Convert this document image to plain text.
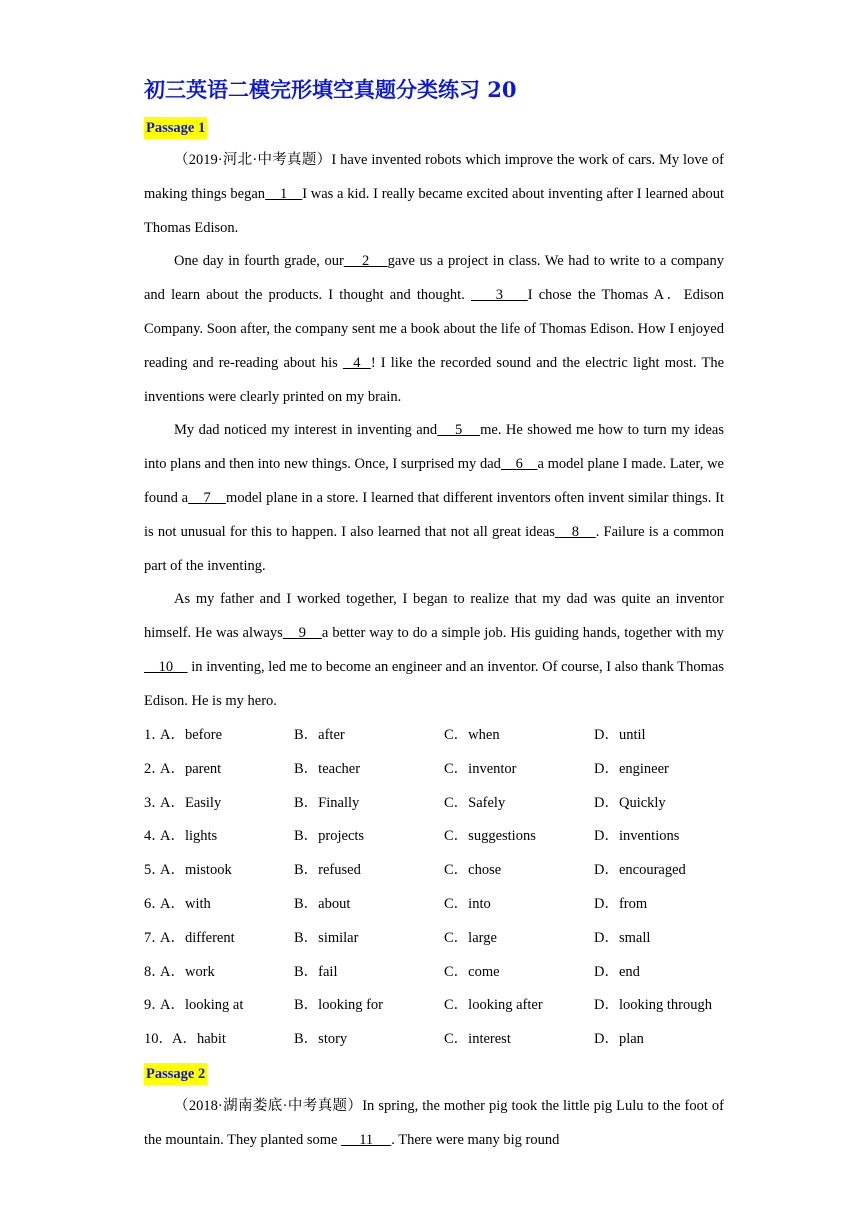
初三英语二模完形填空真题分类练习 20
Passage 1

（2019·河北·中考真题）I have invented robots which improve the work of cars. My love of making things began    1    I was a kid. I really became excited about inventing after I learned about Thomas Edison.

One day in fourth grade, our    2    gave us a project in class. We had to write to a company and learn about the products. I thought and thought.     3    I chose the Thomas A．Edison Company. Soon after, the company sent me a book about the life of Thomas Edison. How I enjoyed reading and re-reading about his   4  ! I like the recorded sound and the electric light most. The inventions were clearly printed on my brain.

My dad noticed my interest in inventing and    5    me. He showed me how to turn my ideas into plans and then into new things. Once, I surprised my dad    6    a model plane I made. Later, we found a    7    model plane in a store. I learned that different inventors often invent similar things. It is not unusual for this to happen. I also learned that not all great ideas    8    . Failure is a common part of the inventing.

As my father and I worked together, I began to realize that my dad was quite an inventor himself. He was always    9    a better way to do a simple job. His guiding hands, together with my    10     in inventing, led me to become an engineer and an inventor. Of course, I also thank Thomas Edison. He is my hero.

1．
A．before	B．after	C．when	D．until
2．
A．parent	B．teacher	C．inventor	D．engineer
3．
A．Easily	B．Finally	C．Safely	D．Quickly
4．
A．lights	B．projects	C．suggestions	D．inventions
5．
A．mistook	B．refused	C．chose	D．encouraged
6．
A．with	B．about	C．into	D．from
7．
A．different	B．similar	C．large	D．small
8．
A．work	B．fail	C．come	D．end
9．
A．looking at	B．looking for	C．looking after	D．looking through
10． A．habit	B．story	C．interest	D．plan
Passage 2

（2018·湖南娄底·中考真题）In spring, the mother pig took the little pig Lulu to the foot of the mountain. They planted some      11     . There were many big round
